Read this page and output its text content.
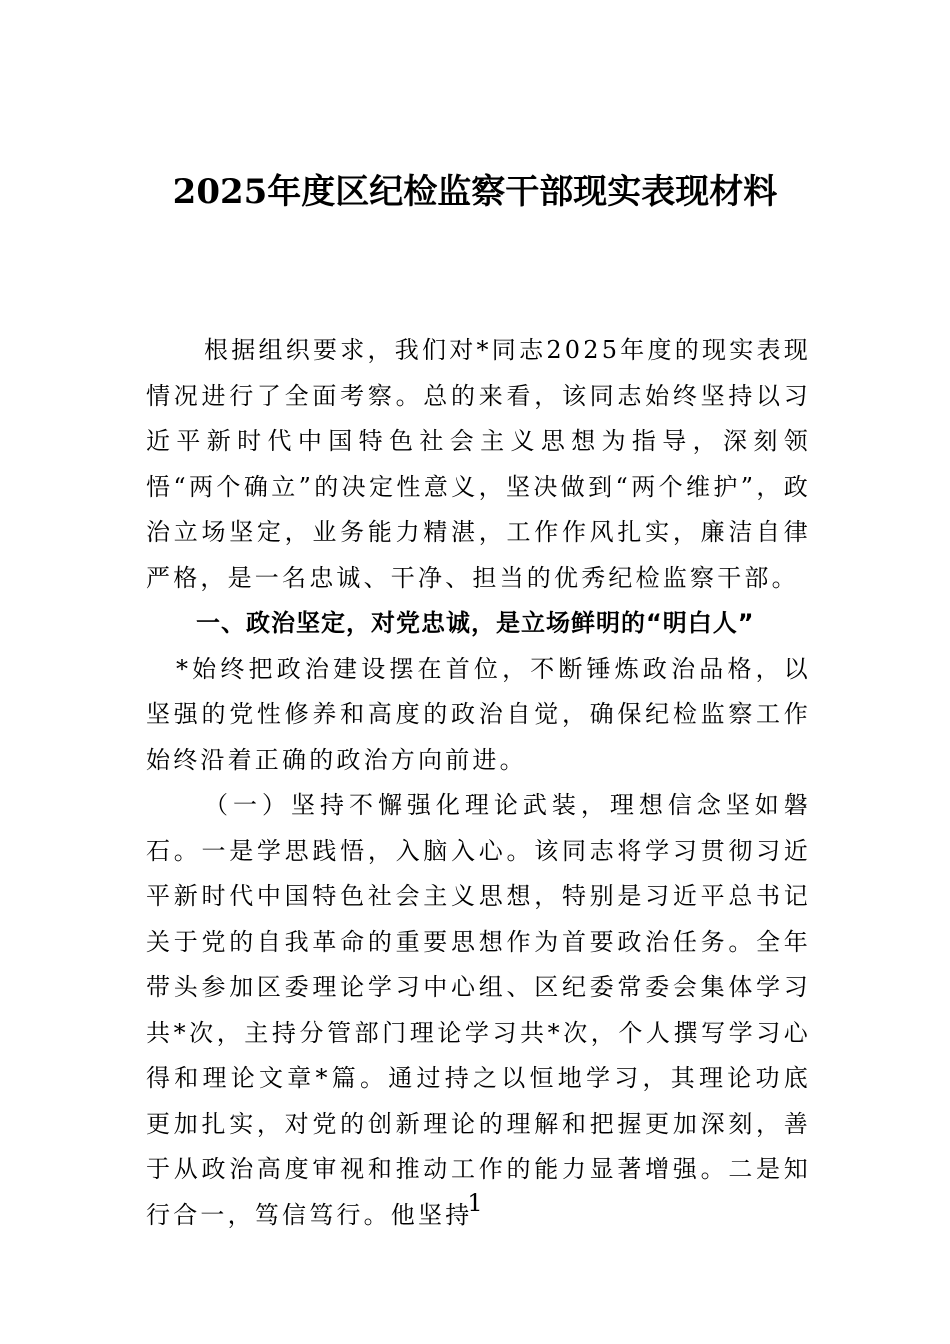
2025年度区纪检监察干部现实表现材料

根据组织要求，我们对*同志2025年度的现实表现情况进行了全面考察。总的来看，该同志始终坚持以习近平新时代中国特色社会主义思想为指导，深刻领悟“两个确立”的决定性意义，坚决做到“两个维护”，政治立场坚定，业务能力精湛，工作作风扎实，廉洁自律严格，是一名忠诚、干净、担当的优秀纪检监察干部。

一、政治坚定，对党忠诚，是立场鲜明的“明白人”

*始终把政治建设摆在首位，不断锤炼政治品格，以坚强的党性修养和高度的政治自觉，确保纪检监察工作始终沿着正确的政治方向前进。

（一）坚持不懈强化理论武装，理想信念坚如磐石。一是学思践悟，入脑入心。该同志将学习贯彻习近平新时代中国特色社会主义思想，特别是习近平总书记关于党的自我革命的重要思想作为首要政治任务。全年带头参加区委理论学习中心组、区纪委常委会集体学习共*次，主持分管部门理论学习共*次，个人撰写学习心得和理论文章*篇。通过持之以恒地学习，其理论功底更加扎实，对党的创新理论的理解和把握更加深刻，善于从政治高度审视和推动工作的能力显著增强。二是知行合一，笃信笃行。他坚持

1
